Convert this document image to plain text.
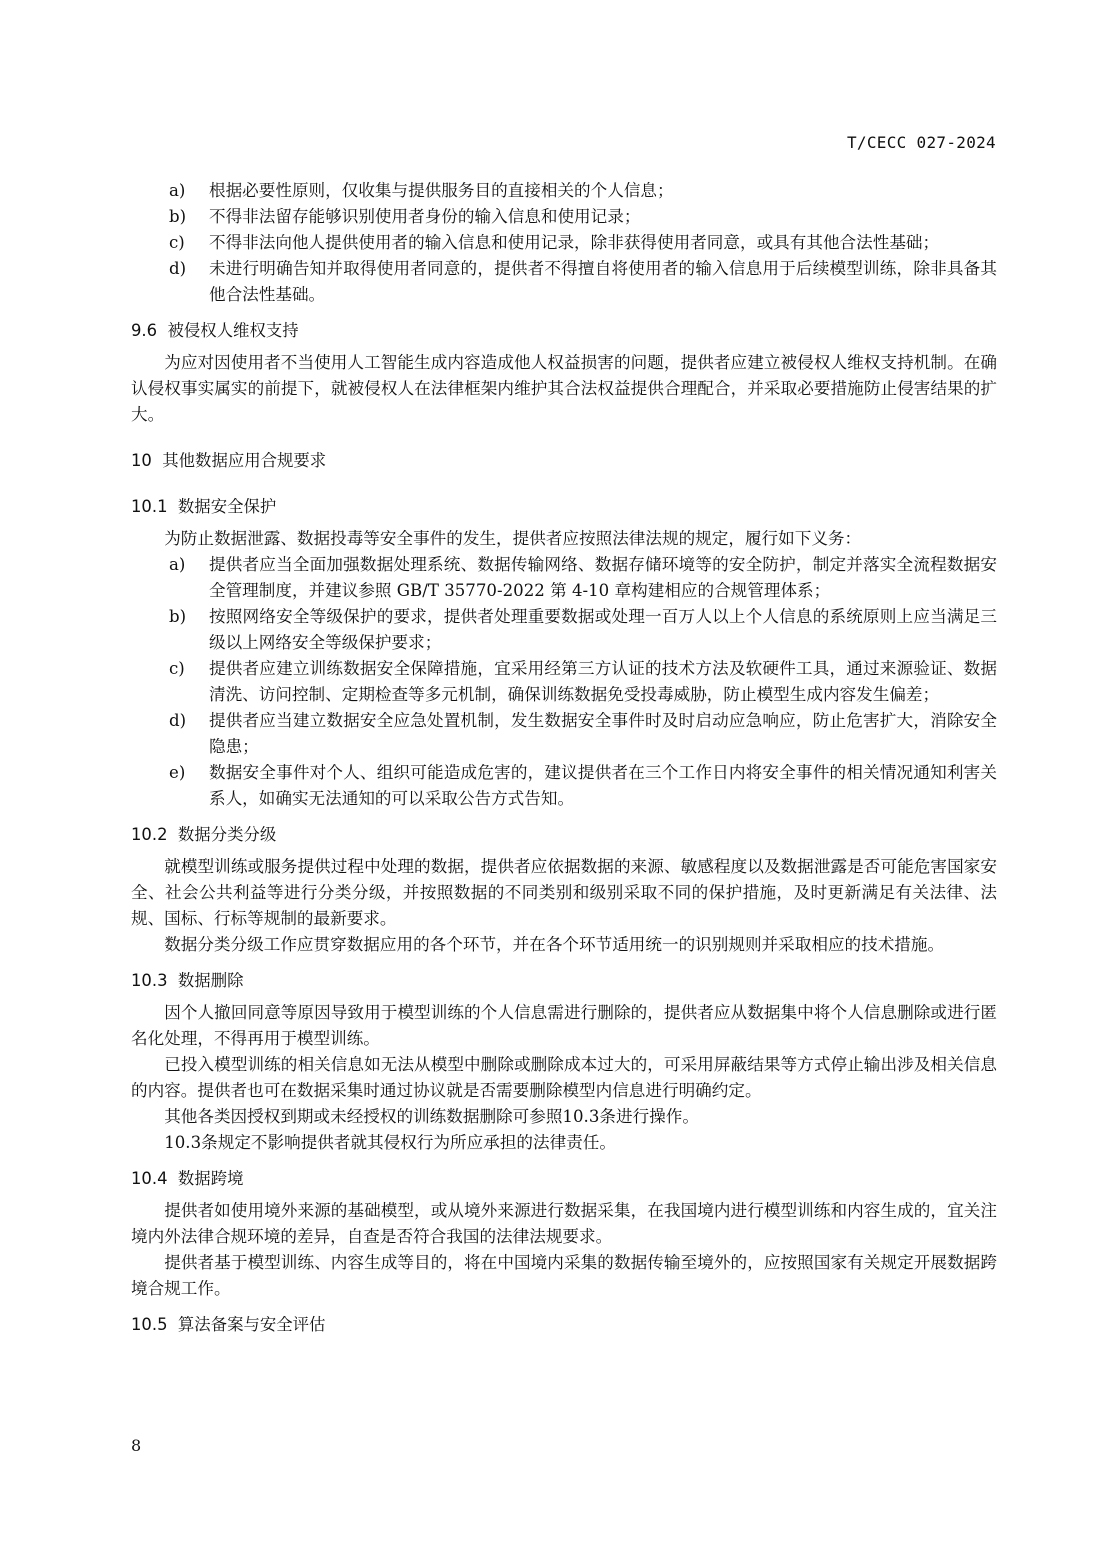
T/CECC 027-2024

a) 根据必要性原则，仅收集与提供服务目的直接相关的个人信息；

b) 不得非法留存能够识别使用者身份的输入信息和使用记录；

c) 不得非法向他人提供使用者的输入信息和使用记录，除非获得使用者同意，或具有其他合法性基础；

d) 未进行明确告知并取得使用者同意的，提供者不得擅自将使用者的输入信息用于后续模型训练，除非具备其他合法性基础。

9.6  被侵权人维权支持

为应对因使用者不当使用人工智能生成内容造成他人权益损害的问题，提供者应建立被侵权人维权支持机制。在确认侵权事实属实的前提下，就被侵权人在法律框架内维护其合法权益提供合理配合，并采取必要措施防止侵害结果的扩大。

10  其他数据应用合规要求

10.1  数据安全保护

为防止数据泄露、数据投毒等安全事件的发生，提供者应按照法律法规的规定，履行如下义务：

a) 提供者应当全面加强数据处理系统、数据传输网络、数据存储环境等的安全防护，制定并落实全流程数据安全管理制度，并建议参照 GB/T 35770-2022 第 4-10 章构建相应的合规管理体系；

b) 按照网络安全等级保护的要求，提供者处理重要数据或处理一百万人以上个人信息的系统原则上应当满足三级以上网络安全等级保护要求；

c) 提供者应建立训练数据安全保障措施，宜采用经第三方认证的技术方法及软硬件工具，通过来源验证、数据清洗、访问控制、定期检查等多元机制，确保训练数据免受投毒威胁，防止模型生成内容发生偏差；

d) 提供者应当建立数据安全应急处置机制，发生数据安全事件时及时启动应急响应，防止危害扩大，消除安全隐患；

e) 数据安全事件对个人、组织可能造成危害的，建议提供者在三个工作日内将安全事件的相关情况通知利害关系人，如确实无法通知的可以采取公告方式告知。

10.2  数据分类分级

就模型训练或服务提供过程中处理的数据，提供者应依据数据的来源、敏感程度以及数据泄露是否可能危害国家安全、社会公共利益等进行分类分级，并按照数据的不同类别和级别采取不同的保护措施，及时更新满足有关法律、法规、国标、行标等规制的最新要求。

数据分类分级工作应贯穿数据应用的各个环节，并在各个环节适用统一的识别规则并采取相应的技术措施。

10.3  数据删除

因个人撤回同意等原因导致用于模型训练的个人信息需进行删除的，提供者应从数据集中将个人信息删除或进行匿名化处理，不得再用于模型训练。

已投入模型训练的相关信息如无法从模型中删除或删除成本过大的，可采用屏蔽结果等方式停止输出涉及相关信息的内容。提供者也可在数据采集时通过协议就是否需要删除模型内信息进行明确约定。

其他各类因授权到期或未经授权的训练数据删除可参照10.3条进行操作。

10.3条规定不影响提供者就其侵权行为所应承担的法律责任。

10.4  数据跨境

提供者如使用境外来源的基础模型，或从境外来源进行数据采集，在我国境内进行模型训练和内容生成的，宜关注境内外法律合规环境的差异，自查是否符合我国的法律法规要求。

提供者基于模型训练、内容生成等目的，将在中国境内采集的数据传输至境外的，应按照国家有关规定开展数据跨境合规工作。

10.5  算法备案与安全评估

8
